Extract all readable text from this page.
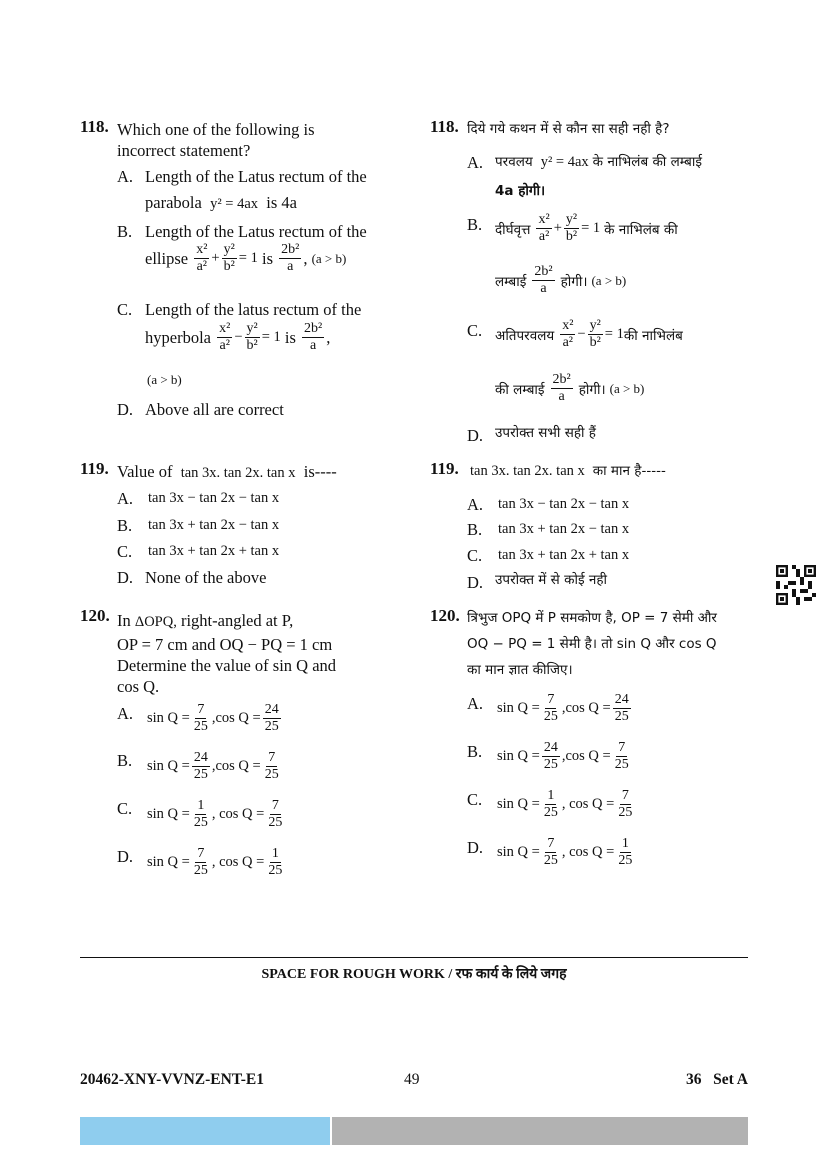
118. Which one of the following is
incorrect statement?
A. Length of the Latus rectum of the
parabola y² = 4ax is 4a
B. Length of the Latus rectum of the
ellipse
$\frac{\text{x²}}{\text{a²}} + \frac{\text{y²}}{\text{b²}} = 1$
is
$\frac{\text{2b²}}{a}$ , (a > b)
C. Length of the latus rectum of the
hyperbola
$\frac{\text{x²}}{\text{a²}} - \frac{\text{y²}}{\text{b²}} = 1$
is
$\frac{\text{2b²}}{a}$ ,
(a > b)
D. Above all are correct
119. Value of tan 3x. tan 2x. tan x is----
A. tan 3x − tan 2x − tan x
B. tan 3x + tan 2x − tan x
C. tan 3x + tan 2x + tan x
D. None of the above
120. In ΔOPQ, right-angled at P,
OP = 7 cm and OQ − PQ = 1 cm
Determine the value of sin Q and
cos Q.
A. $\sin Q = \frac{7}{25}$ , $\cos Q = \frac{24}{25}$
B. $\sin Q = \frac{24}{25}$ , $\cos Q = \frac{7}{25}$
C. $\sin Q = \frac{1}{25}$ , $\cos Q = \frac{7}{25}$
D. $\sin Q = \frac{7}{25}$ , $\cos Q = \frac{1}{25}$
118. दिये गये कथन में से कौन सा सही नही है?
A. परवलय y² = 4ax के नाभिलंब की लम्बाई
4a होगी।
B. दीर्घवृत्त
$\frac{\text{x²}}{\text{a²}} + \frac{\text{y²}}{\text{b²}} = 1$
के नाभिलंब की
लम्बाई
$\frac{\text{2b²}}{a}$
होगी।
(a > b)
C. अतिपरवलय
$\frac{\text{x²}}{\text{a²}} - \frac{\text{y²}}{\text{b²}} = 1$ की नाभिलंब
की लम्बाई
$\frac{\text{2b²}}{a}$
होगी।
(a > b)
D. उपरोक्त सभी सही हैं
119. tan 3x. tan 2x. tan x का मान है-----
A. tan 3x − tan 2x − tan x
B. tan 3x + tan 2x − tan x
C. tan 3x + tan 2x + tan x
D. उपरोक्त में से कोई नही
120. त्रिभुज OPQ में P समकोण है, OP = 7 सेमी और
OQ − PQ = 1 सेमी है। तो sin Q और cos Q
का मान ज्ञात कीजिए।
A. $\sin Q = \frac{7}{25}$ , $\cos Q = \frac{24}{25}$
B. $\sin Q = \frac{24}{25}$ , $\cos Q = \frac{7}{25}$
C. $\sin Q = \frac{1}{25}$ , $\cos Q = \frac{7}{25}$
D. $\sin Q = \frac{7}{25}$ , $\cos Q = \frac{1}{25}$
SPACE FOR ROUGH WORK / रफ कार्य के लिये जगह
20462-XNY-VVNZ-ENT-E1	49	36   Set A
